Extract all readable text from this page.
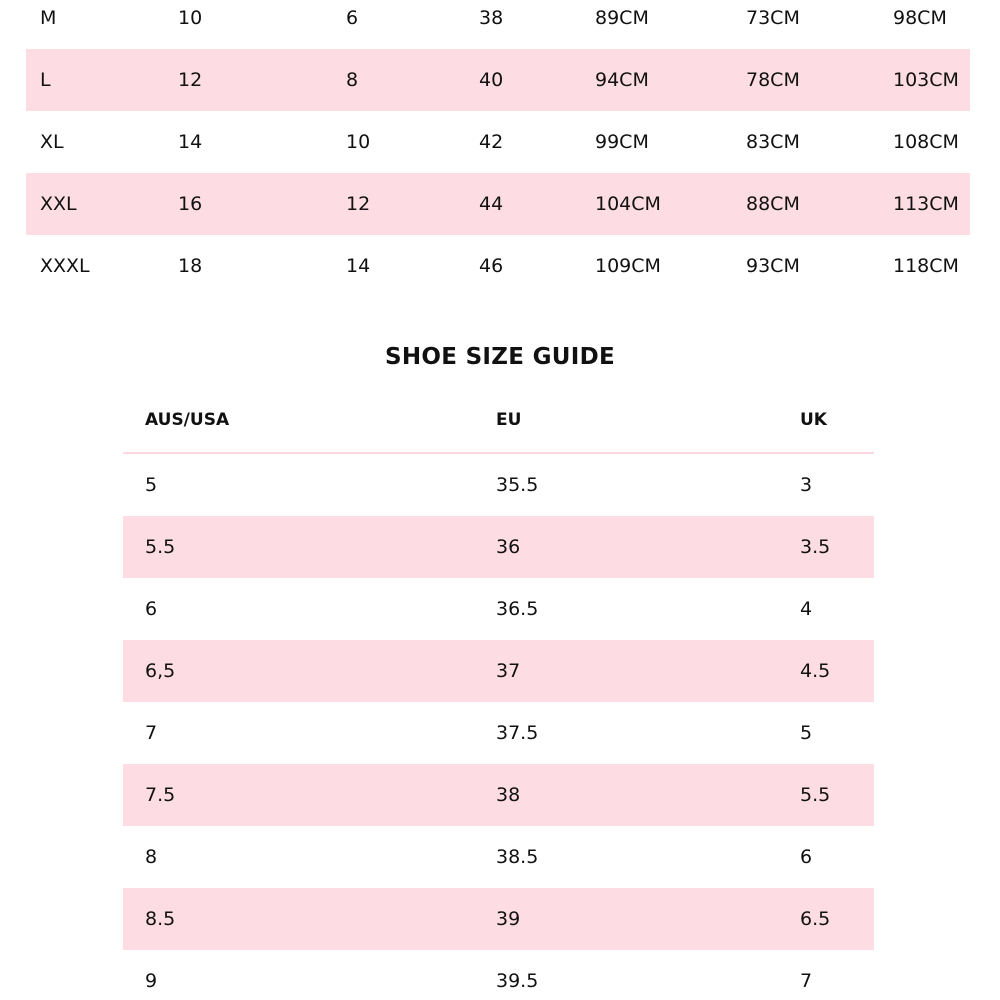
M	10	6	38	89CM	73CM	98CM
L	12	8	40	94CM	78CM	103CM
XL	14	10	42	99CM	83CM	108CM
XXL	16	12	44	104CM	88CM	113CM
XXXL	18	14	46	109CM	93CM	118CM
SHOE SIZE GUIDE
AUS/USA	EU	UK
5	35.5	3
5.5	36	3.5
6	36.5	4
6,5	37	4.5
7	37.5	5
7.5	38	5.5
8	38.5	6
8.5	39	6.5
9	39.5	7
